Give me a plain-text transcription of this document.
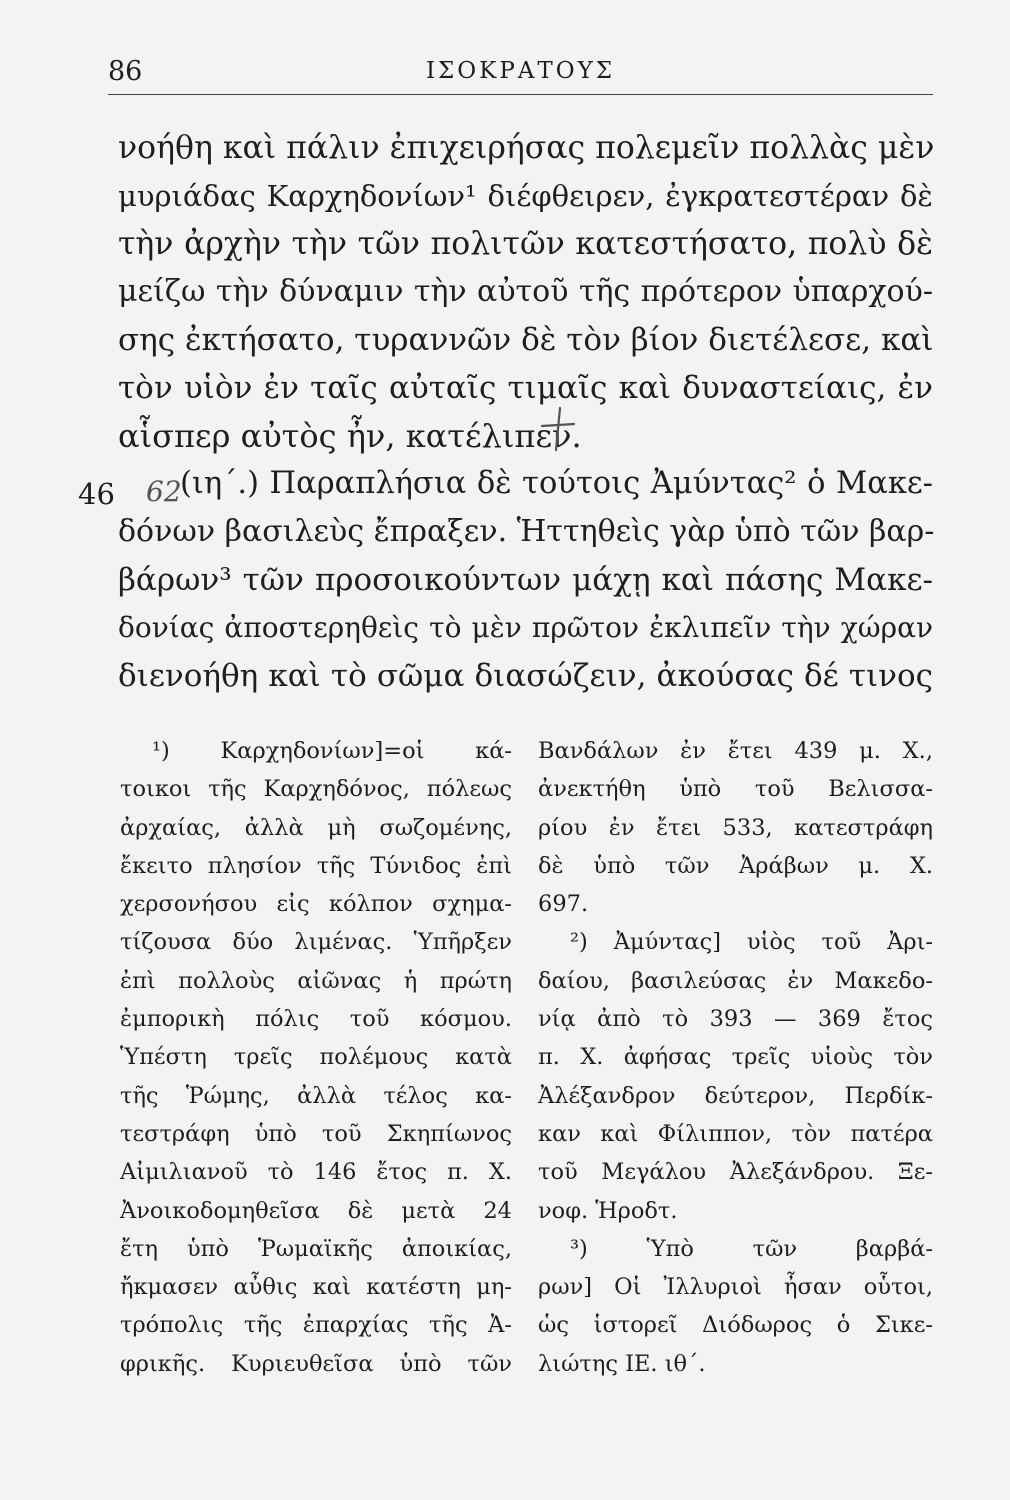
86	ΙΣΟΚΡΑΤΟΥΣ
νοήθη καὶ πάλιν ἐπιχειρήσας πολεμεῖν πολλὰς μὲν
μυριάδας Καρχηδονίων¹ διέφθειρεν, ἐγκρατεστέραν δὲ
τὴν ἀρχὴν τὴν τῶν πολιτῶν κατεστήσατο, πολὺ δὲ
μείζω τὴν δύναμιν τὴν αὐτοῦ τῆς πρότερον ὑπαρχού-
σης ἐκτήσατο, τυραννῶν δὲ τὸν βίον διετέλεσε, καὶ
τὸν υἱὸν ἐν ταῖς αὐταῖς τιμαῖς καὶ δυναστείαις, ἐν
αἷσπερ αὐτὸς ἦν, κατέλιπεν.
(ιη΄.) Παραπλήσια δὲ τούτοις Ἀμύντας² ὁ Μακε-
δόνων βασιλεὺς ἔπραξεν. Ἡττηθεὶς γὰρ ὑπὸ τῶν βαρ-
βάρων³ τῶν προσοικούντων μάχῃ καὶ πάσης Μακε-
δονίας ἀποστερηθεὶς τὸ μὲν πρῶτον ἐκλιπεῖν τὴν χώραν
διενοήθη καὶ τὸ σῶμα διασώζειν, ἀκούσας δέ τινος
46 62
¹) Καρχηδονίων]=οἱ κά-
τοικοι τῆς Καρχηδόνος, πόλεως
ἀρχαίας, ἀλλὰ μὴ σωζομένης,
ἔκειτο πλησίον τῆς Τύνιδος ἐπὶ
χερσονήσου εἰς κόλπον σχημα-
τίζουσα δύο λιμένας. Ὑπῆρξεν
ἐπὶ πολλοὺς αἰῶνας ἡ πρώτη
ἐμπορικὴ πόλις τοῦ κόσμου.
Ὑπέστη τρεῖς πολέμους κατὰ
τῆς Ῥώμης, ἀλλὰ τέλος κα-
τεστράφη ὑπὸ τοῦ Σκηπίωνος
Αἰμιλιανοῦ τὸ 146 ἔτος π. Χ.
Ἀνοικοδομηθεῖσα δὲ μετὰ 24
ἔτη ὑπὸ Ῥωμαϊκῆς ἀποικίας,
ἤκμασεν αὖθις καὶ κατέστη μη-
τρόπολις τῆς ἐπαρχίας τῆς Ἀ-
φρικῆς. Κυριευθεῖσα ὑπὸ τῶν
Βανδάλων ἐν ἔτει 439 μ. Χ.,
ἀνεκτήθη ὑπὸ τοῦ Βελισσα-
ρίου ἐν ἔτει 533, κατεστράφη
δὲ ὑπὸ τῶν Ἀράβων μ. Χ.
697.
²) Ἀμύντας] υἱὸς τοῦ Ἀρι-
δαίου, βασιλεύσας ἐν Μακεδο-
νίᾳ ἀπὸ τὸ 393 — 369 ἔτος
π. Χ. ἀφήσας τρεῖς υἱοὺς τὸν
Ἀλέξανδρον δεύτερον, Περδίκ-
καν καὶ Φίλιππον, τὸν πατέρα
τοῦ Μεγάλου Ἀλεξάνδρου. Ξε-
νοφ. Ἡροδτ.
³) Ὑπὸ τῶν βαρβά-
ρων] Οἱ Ἰλλυριοὶ ἦσαν οὗτοι,
ὡς ἱστορεῖ Διόδωρος ὁ Σικε-
λιώτης ΙΕ. ιθ΄.
